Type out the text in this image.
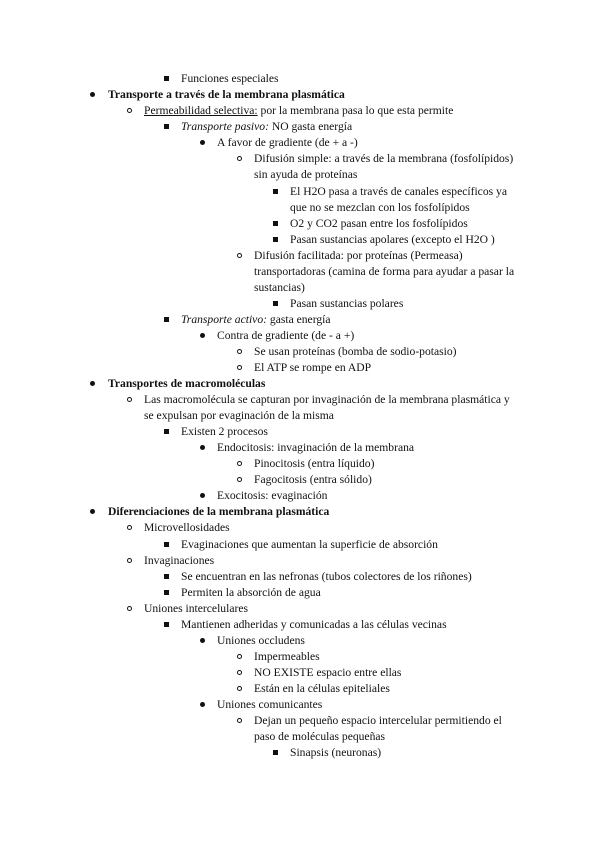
Funciones especiales
Transporte a través de la membrana plasmática
Permeabilidad selectiva: por la membrana pasa lo que esta permite
Transporte pasivo: NO gasta energía
A favor de gradiente (de + a -)
Difusión simple: a través de la membrana (fosfolípidos)
sin ayuda de proteínas
El H2O pasa a través de canales específicos ya
que no se mezclan con los fosfolípidos
O2 y CO2 pasan entre los fosfolípidos
Pasan sustancias apolares (excepto el H2O )
Difusión facilitada: por proteínas (Permeasa)
transportadoras (camina de forma para ayudar a pasar la
sustancias)
Pasan sustancias polares
Transporte activo: gasta energía
Contra de gradiente (de - a +)
Se usan proteínas (bomba de sodio-potasio)
El ATP se rompe en ADP
Transportes de macromoléculas
Las macromolécula se capturan por invaginación de la membrana plasmática y
se expulsan por evaginación de la misma
Existen 2 procesos
Endocitosis: invaginación de la membrana
Pinocitosis (entra líquido)
Fagocitosis (entra sólido)
Exocitosis: evaginación
Diferenciaciones de la membrana plasmática
Microvellosidades
Evaginaciones que aumentan la superficie de absorción
Invaginaciones
Se encuentran en las nefronas (tubos colectores de los riñones)
Permiten la absorción de agua
Uniones intercelulares
Mantienen adheridas y comunicadas a las células vecinas
Uniones occludens
Impermeables
NO EXISTE espacio entre ellas
Están en la células epiteliales
Uniones comunicantes
Dejan un pequeño espacio intercelular permitiendo el
paso de moléculas pequeñas
Sinapsis (neuronas)
